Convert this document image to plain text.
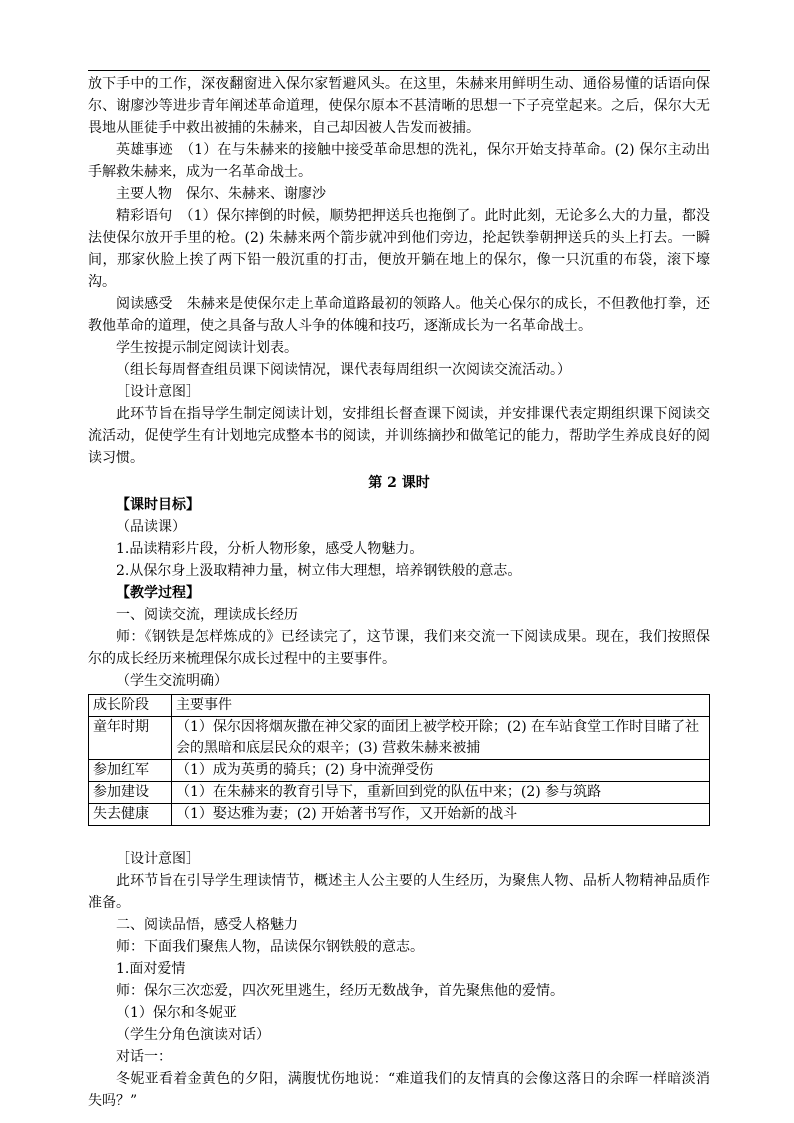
放下手中的工作，深夜翻窗进入保尔家暂避风头。在这里，朱赫来用鲜明生动、通俗易懂的话语向保尔、谢廖沙等进步青年阐述革命道理，使保尔原本不甚清晰的思想一下子亮堂起来。之后，保尔大无畏地从匪徒手中救出被捕的朱赫来，自己却因被人告发而被捕。

英雄事迹　（1）在与朱赫来的接触中接受革命思想的洗礼，保尔开始支持革命。(2) 保尔主动出手解救朱赫来，成为一名革命战士。

主要人物　保尔、朱赫来、谢廖沙

精彩语句　（1）保尔摔倒的时候，顺势把押送兵也拖倒了。此时此刻，无论多么大的力量，都没法使保尔放开手里的枪。(2) 朱赫来两个箭步就冲到他们旁边，抡起铁拳朝押送兵的头上打去。一瞬间，那家伙脸上挨了两下铅一般沉重的打击，便放开躺在地上的保尔，像一只沉重的布袋，滚下壕沟。

阅读感受　朱赫来是使保尔走上革命道路最初的领路人。他关心保尔的成长，不但教他打拳，还教他革命的道理，使之具备与敌人斗争的体魄和技巧，逐渐成长为一名革命战士。

学生按提示制定阅读计划表。

（组长每周督查组员课下阅读情况，课代表每周组织一次阅读交流活动。）

［设计意图］

此环节旨在指导学生制定阅读计划，安排组长督查课下阅读，并安排课代表定期组织课下阅读交流活动，促使学生有计划地完成整本书的阅读，并训练摘抄和做笔记的能力，帮助学生养成良好的阅读习惯。

第 2 课时

【课时目标】

（品读课）

1.品读精彩片段，分析人物形象，感受人物魅力。

2.从保尔身上汲取精神力量，树立伟大理想，培养钢铁般的意志。

【教学过程】

一、阅读交流，理读成长经历

师：《钢铁是怎样炼成的》已经读完了，这节课，我们来交流一下阅读成果。现在，我们按照保尔的成长经历来梳理保尔成长过程中的主要事件。

（学生交流明确）

成长阶段	主要事件
童年时期	（1）保尔因将烟灰撒在神父家的面团上被学校开除；(2) 在车站食堂工作时目睹了社会的黑暗和底层民众的艰辛；(3) 营救朱赫来被捕
参加红军	（1）成为英勇的骑兵；(2) 身中流弹受伤
参加建设	（1）在朱赫来的教育引导下，重新回到党的队伍中来；(2) 参与筑路
失去健康	（1）娶达雅为妻；(2) 开始著书写作，又开始新的战斗

［设计意图］

此环节旨在引导学生理读情节，概述主人公主要的人生经历，为聚焦人物、品析人物精神品质作准备。

二、阅读品悟，感受人格魅力

师：下面我们聚焦人物，品读保尔钢铁般的意志。

1.面对爱情

师：保尔三次恋爱，四次死里逃生，经历无数战争，首先聚焦他的爱情。

（1）保尔和冬妮亚

（学生分角色演读对话）

对话一：

冬妮亚看着金黄色的夕阳，满腹忧伤地说：“难道我们的友情真的会像这落日的余晖一样暗淡消失吗？”
